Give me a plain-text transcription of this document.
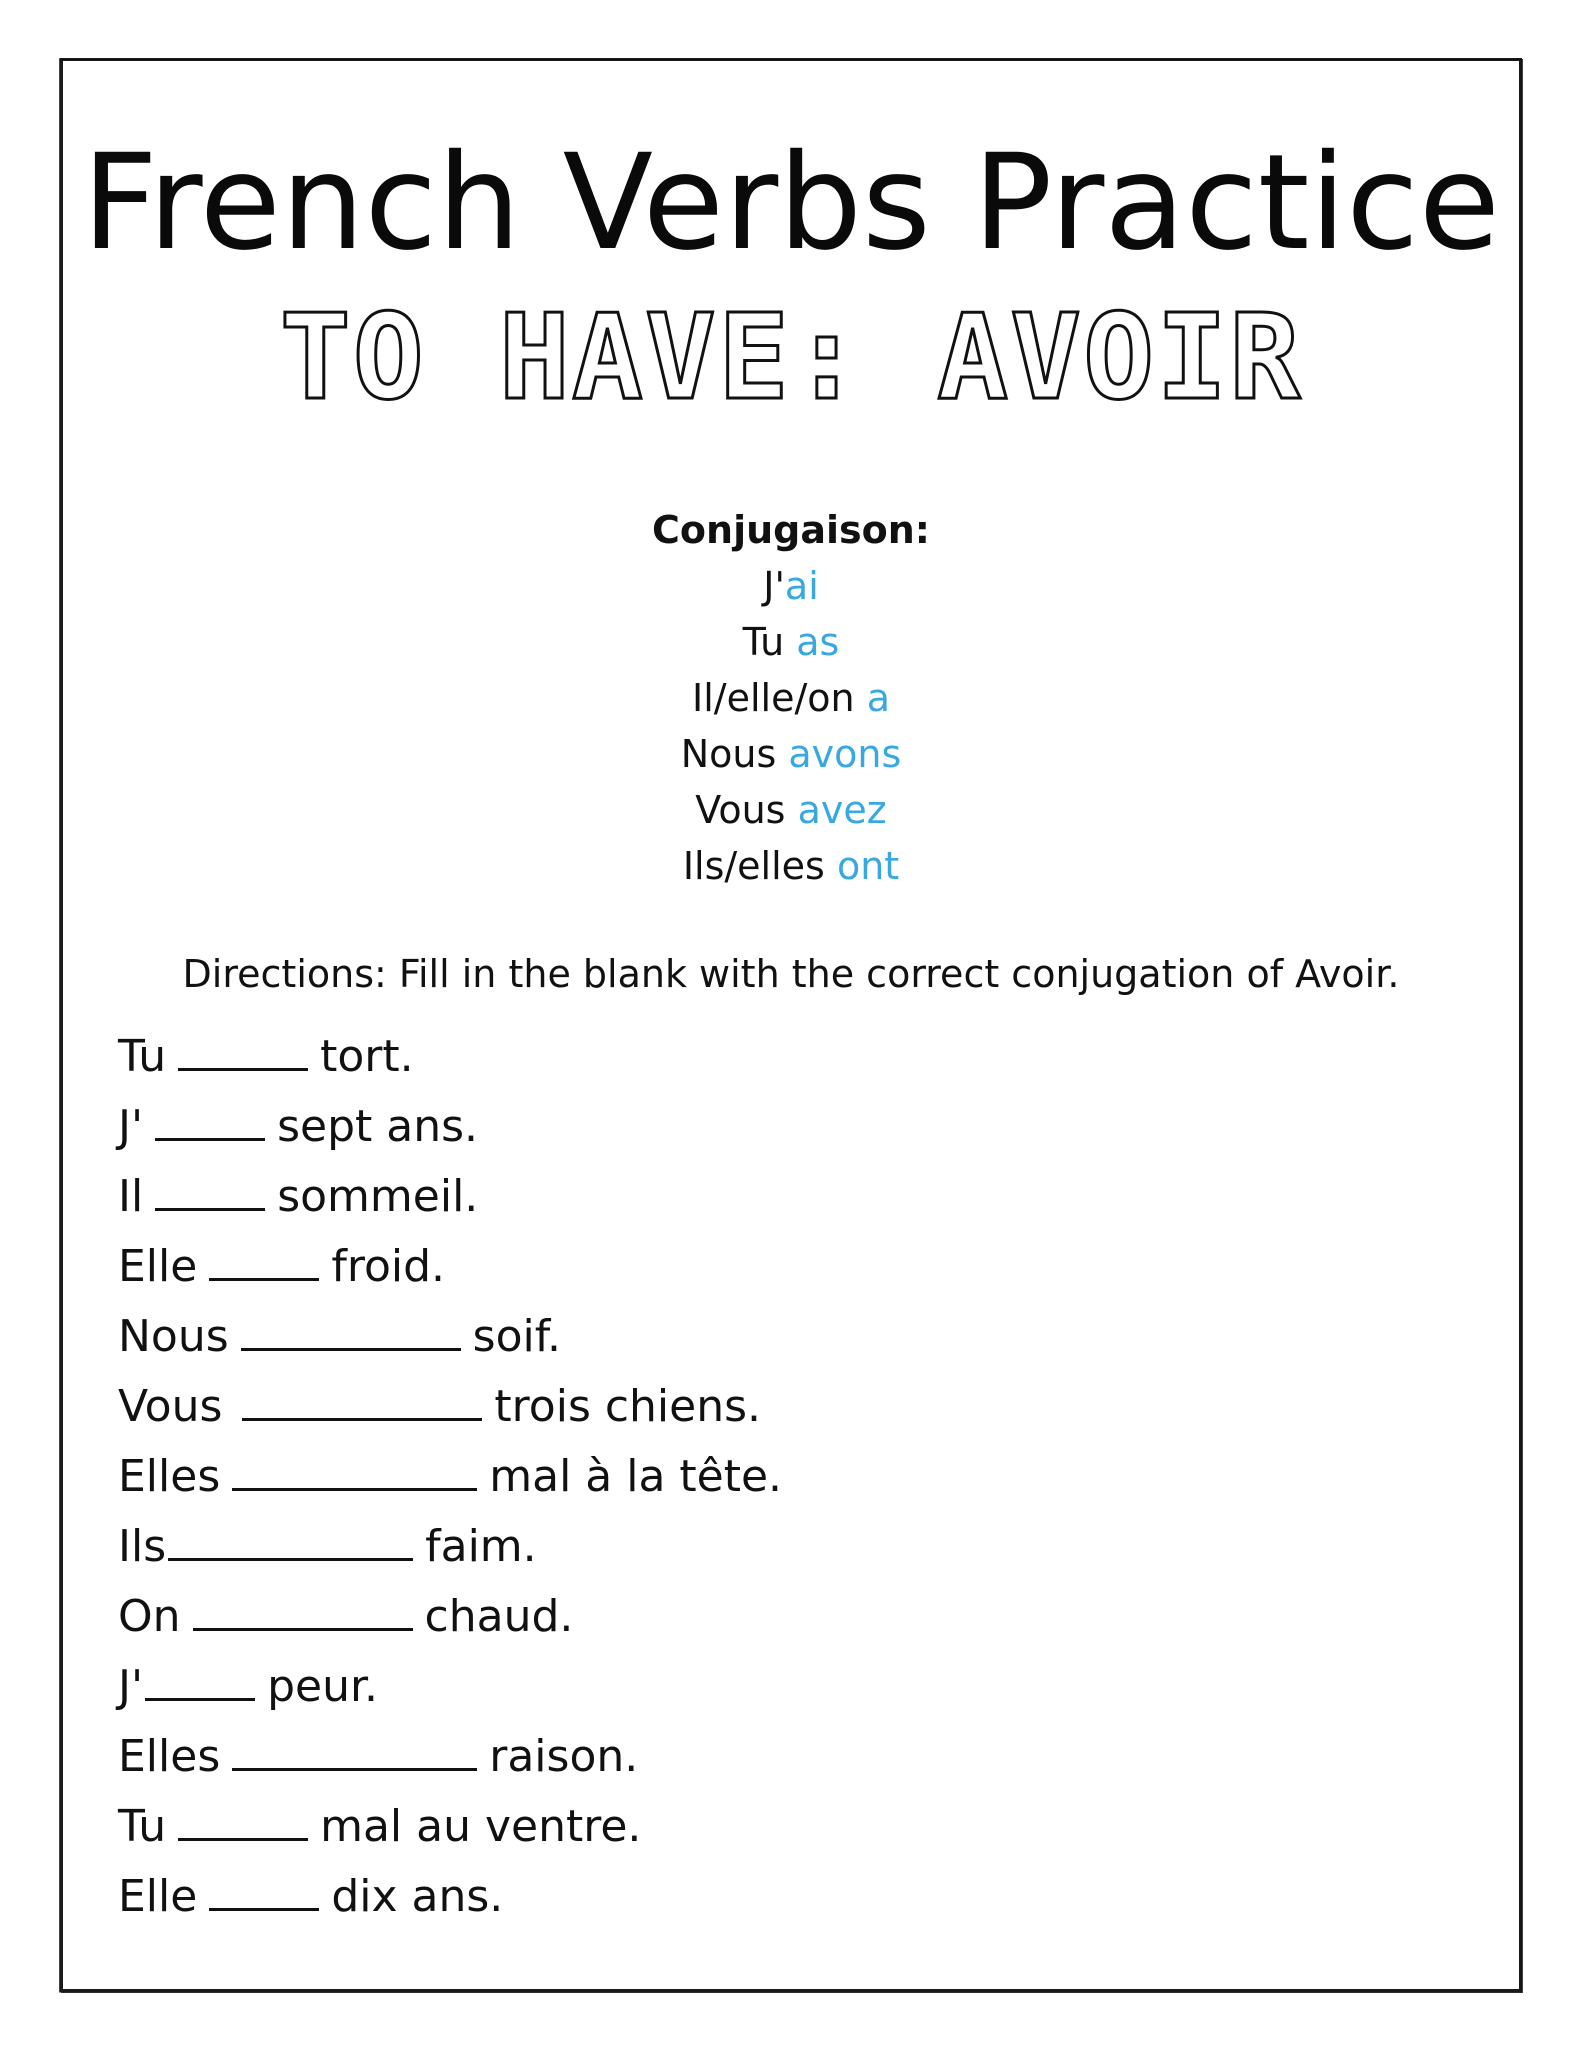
French Verbs Practice
TO HAVE: AVOIR
Conjugaison:
J'ai
Tu as
Il/elle/on a
Nous avons
Vous avez
Ils/elles ont
Directions: Fill in the blank with the correct conjugation of Avoir.
Tu	tort.
J'	sept ans.
Il	sommeil.
Elle	froid.
Nous	soif.
Vous	trois chiens.
Elles	mal à la tête.
Ils	faim.
On	chaud.
J'	peur.
Elles	raison.
Tu	mal au ventre.
Elle	dix ans.
